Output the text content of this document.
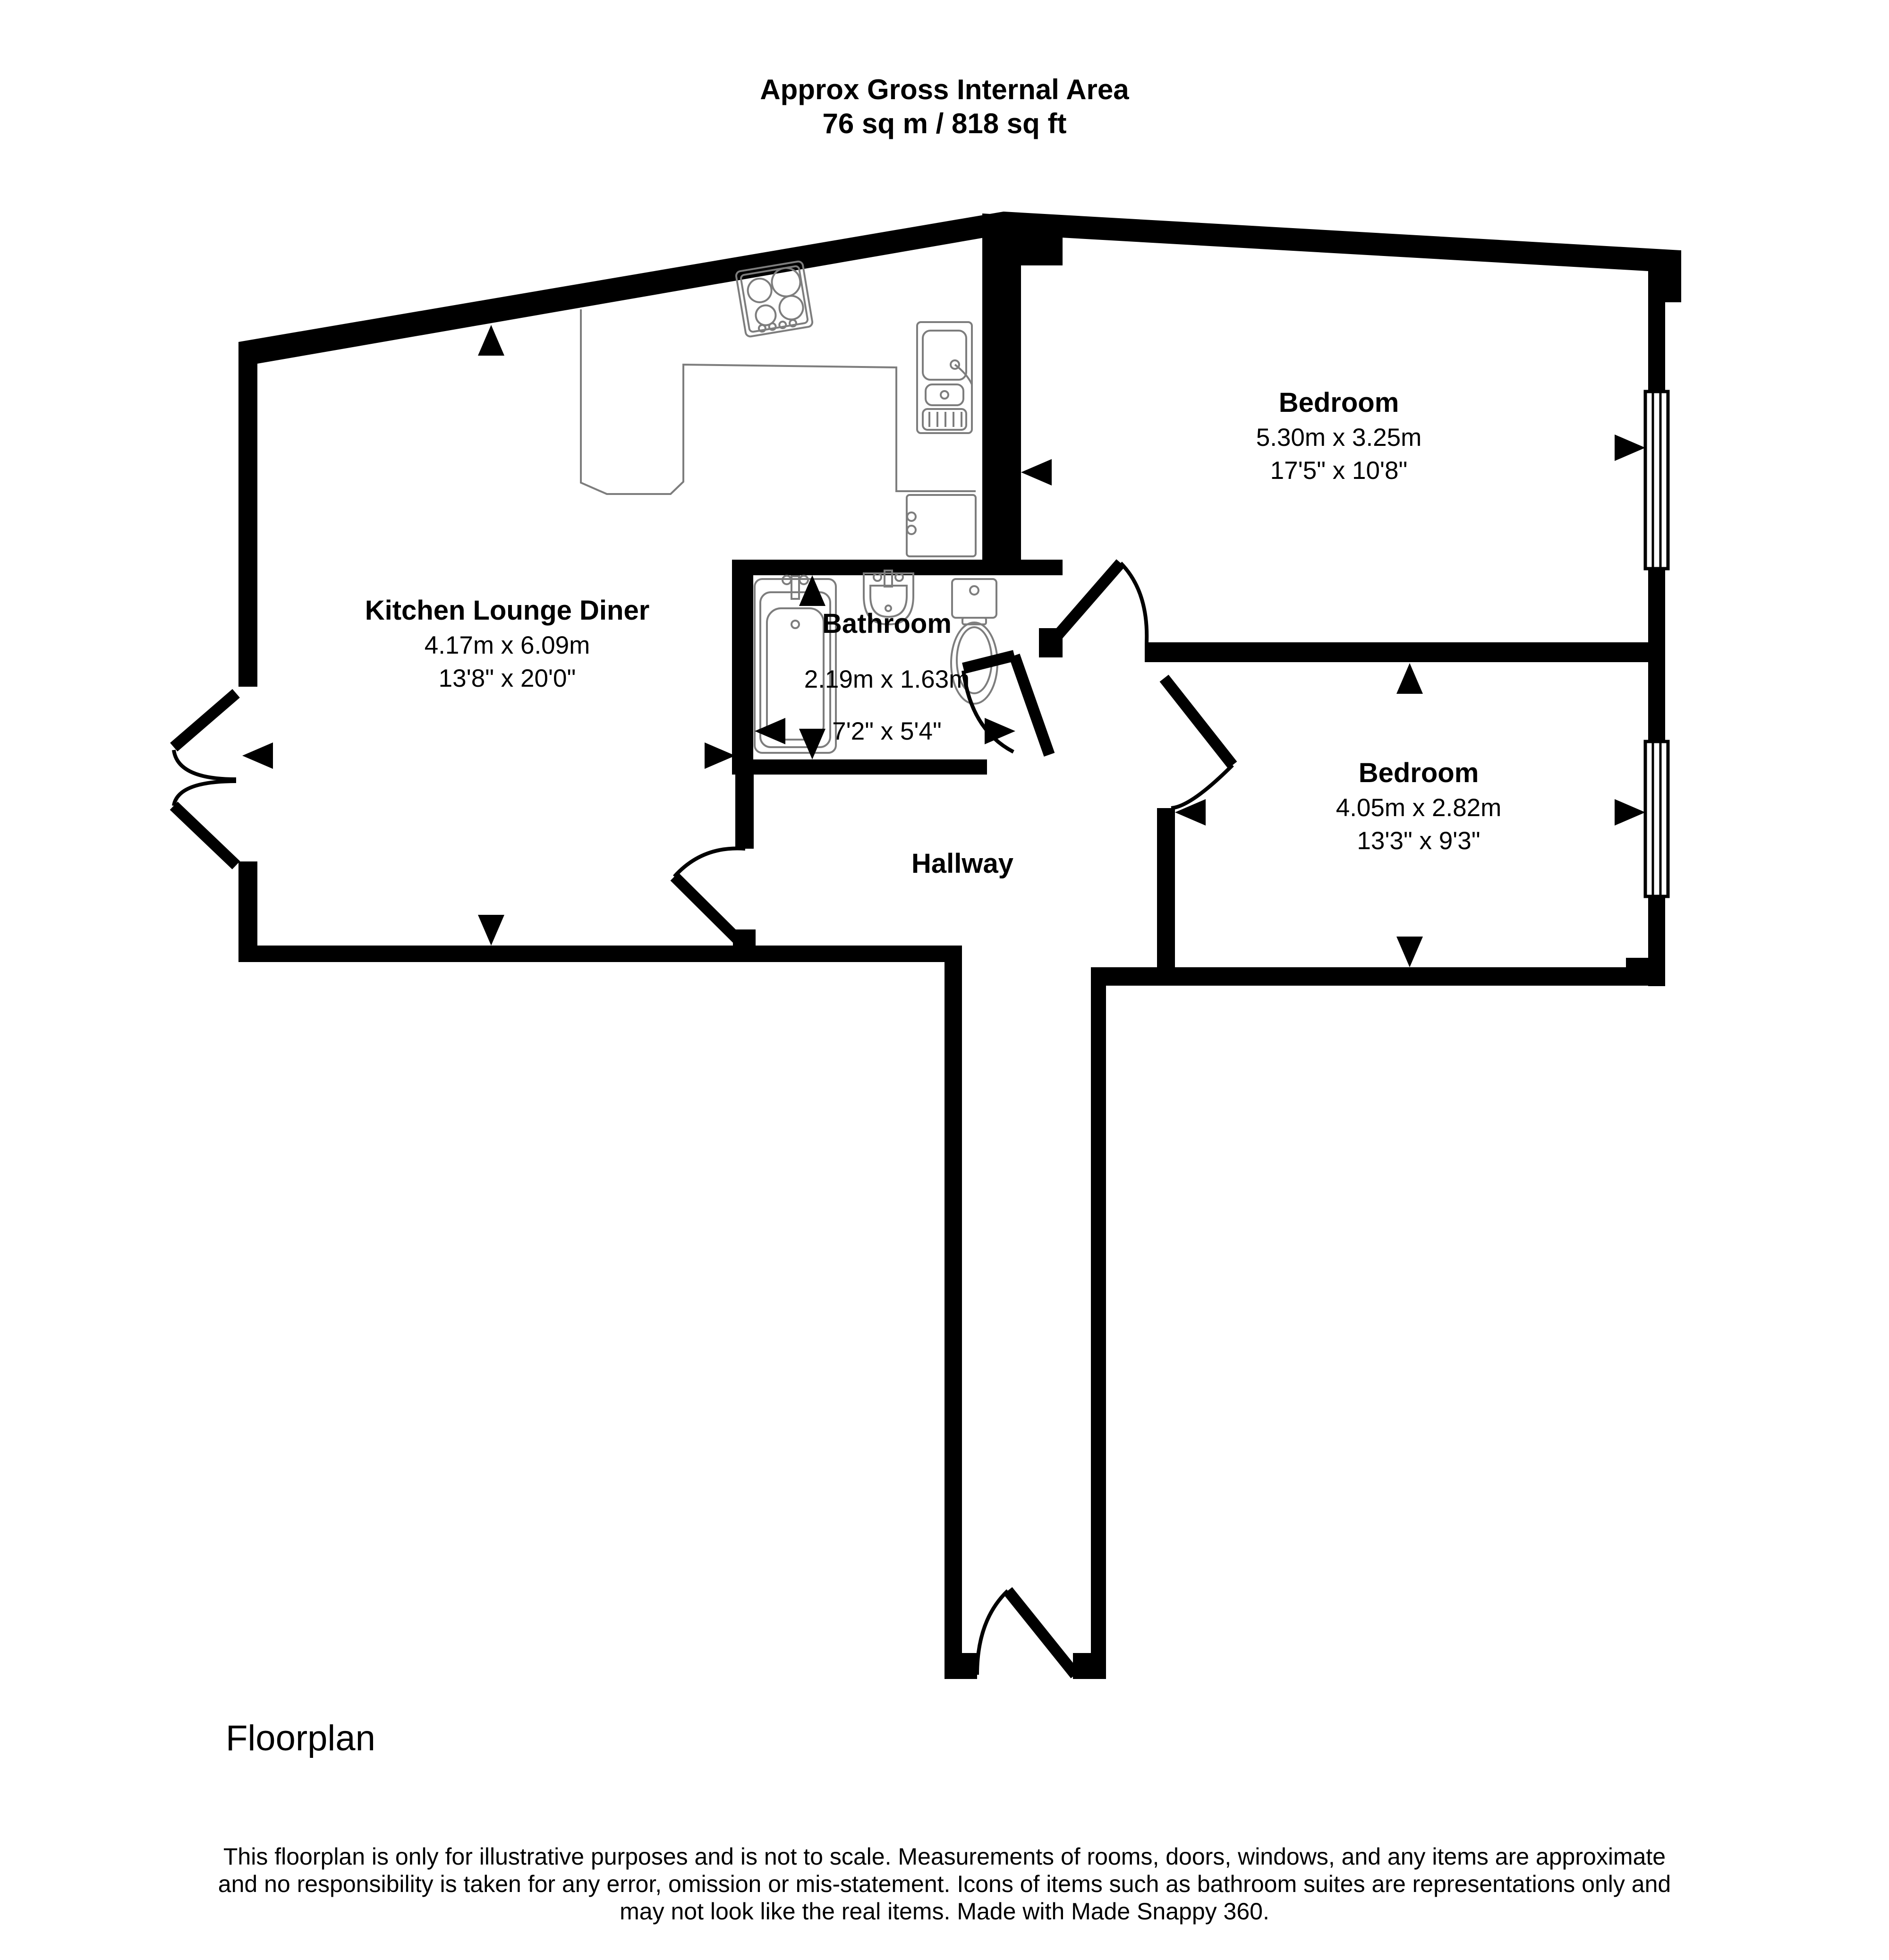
Approx Gross Internal Area
76 sq m / 818 sq ft
Kitchen Lounge Diner
4.17m x 6.09m
13'8" x 20'0"
Bathroom
2.19m x 1.63m
7'2" x 5'4"
Bedroom
5.30m x 3.25m
17'5" x 10'8"
Bedroom
4.05m x 2.82m
13'3" x 9'3"
Hallway
Floorplan
This floorplan is only for illustrative purposes and is not to scale. Measurements of rooms, doors, windows, and any items are approximate
and no responsibility is taken for any error, omission or mis-statement. Icons of items such as bathroom suites are representations only and
may not look like the real items. Made with Made Snappy 360.
